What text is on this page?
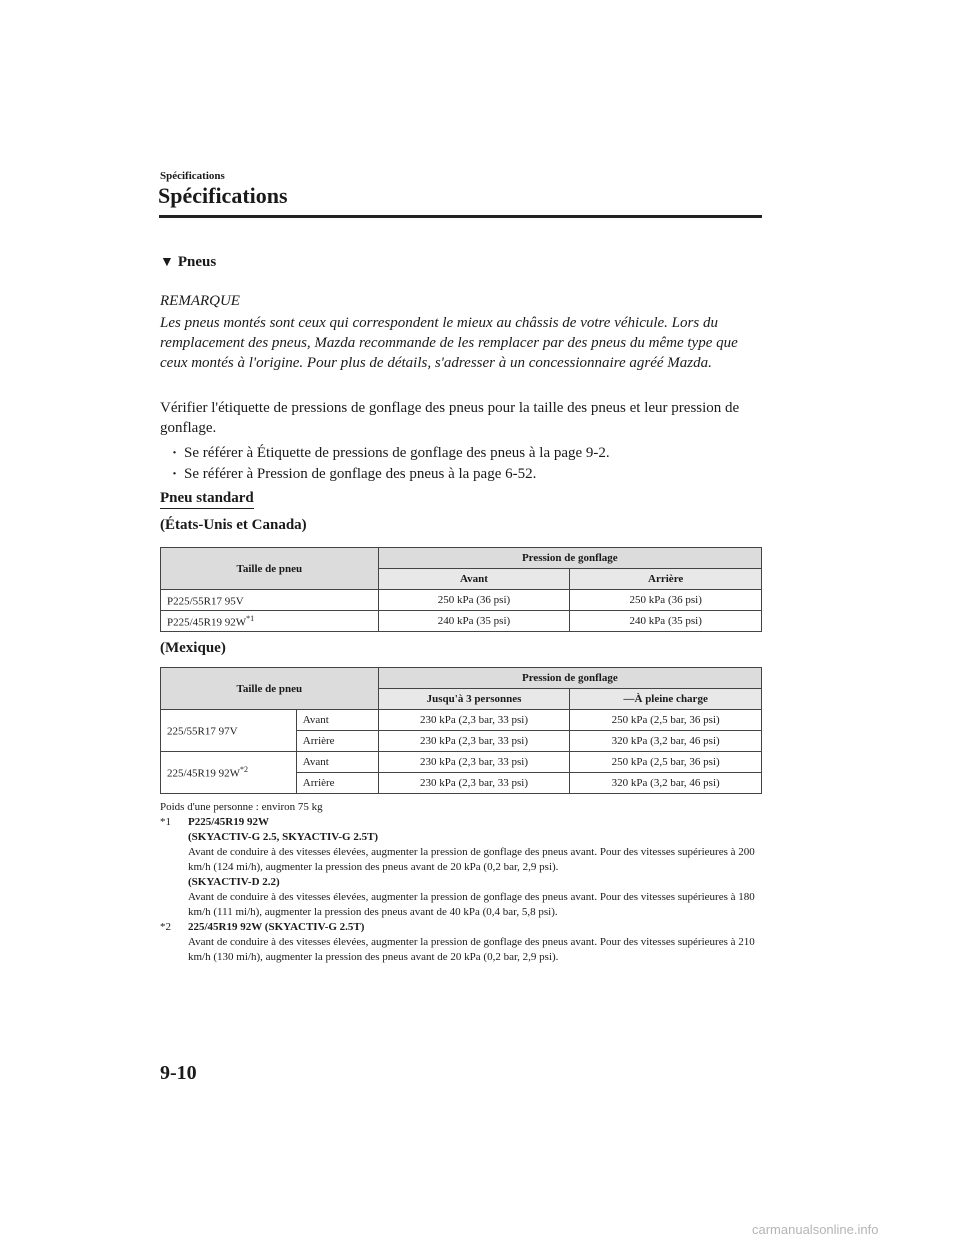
Spécifications
Spécifications
▼ Pneus
REMARQUE
Les pneus montés sont ceux qui correspondent le mieux au châssis de votre véhicule. Lors du remplacement des pneus, Mazda recommande de les remplacer par des pneus du même type que ceux montés à l'origine. Pour plus de détails, s'adresser à un concessionnaire agréé Mazda.
Vérifier l'étiquette de pressions de gonflage des pneus pour la taille des pneus et leur pression de gonflage.
· Se référer à Étiquette de pressions de gonflage des pneus à la page 9-2.
· Se référer à Pression de gonflage des pneus à la page 6-52.
Pneu standard
(États-Unis et Canada)
Taille de pneu	Pression de gonflage	
	Avant	Arrière
P225/55R17 95V	250 kPa (36 psi)	250 kPa (36 psi)
P225/45R19 $92W^{*1}$	240 kPa (35 psi)	240 kPa (35 psi)
(Mexique)
Taille de pneu		Pression de gonflage	
		Jusqu'à 3 personnes	—À pleine charge
225/55R17 97V	Avant	230 kPa (2,3 bar, 33 psi)	250 kPa (2,5 bar, 36 psi)
	Arrière	230 kPa (2,3 bar, 33 psi)	320 kPa (3,2 bar, 46 psi)
225/45R19 $92W^{*2}$	Avant	230 kPa (2,3 bar, 33 psi)	250 kPa (2,5 bar, 36 psi)
	Arrière	230 kPa (2,3 bar, 33 psi)	320 kPa (3,2 bar, 46 psi)
Poids d'une personne : environ 75 kg
*1 P225/45R19 92W
(SKYACTIV-G 2.5, SKYACTIV-G 2.5T)
Avant de conduire à des vitesses élevées, augmenter la pression de gonflage des pneus avant. Pour des vitesses supérieures à 200 km/h (124 mi/h), augmenter la pression des pneus avant de 20 kPa (0,2 bar, 2,9 psi).
(SKYACTIV-D 2.2)
Avant de conduire à des vitesses élevées, augmenter la pression de gonflage des pneus avant. Pour des vitesses supérieures à 180 km/h (111 mi/h), augmenter la pression des pneus avant de 40 kPa (0,4 bar, 5,8 psi).
*2 225/45R19 92W (SKYACTIV-G 2.5T)
Avant de conduire à des vitesses élevées, augmenter la pression de gonflage des pneus avant. Pour des vitesses supérieures à 210 km/h (130 mi/h), augmenter la pression des pneus avant de 20 kPa (0,2 bar, 2,9 psi).
9-10
carmanualsonline.info
